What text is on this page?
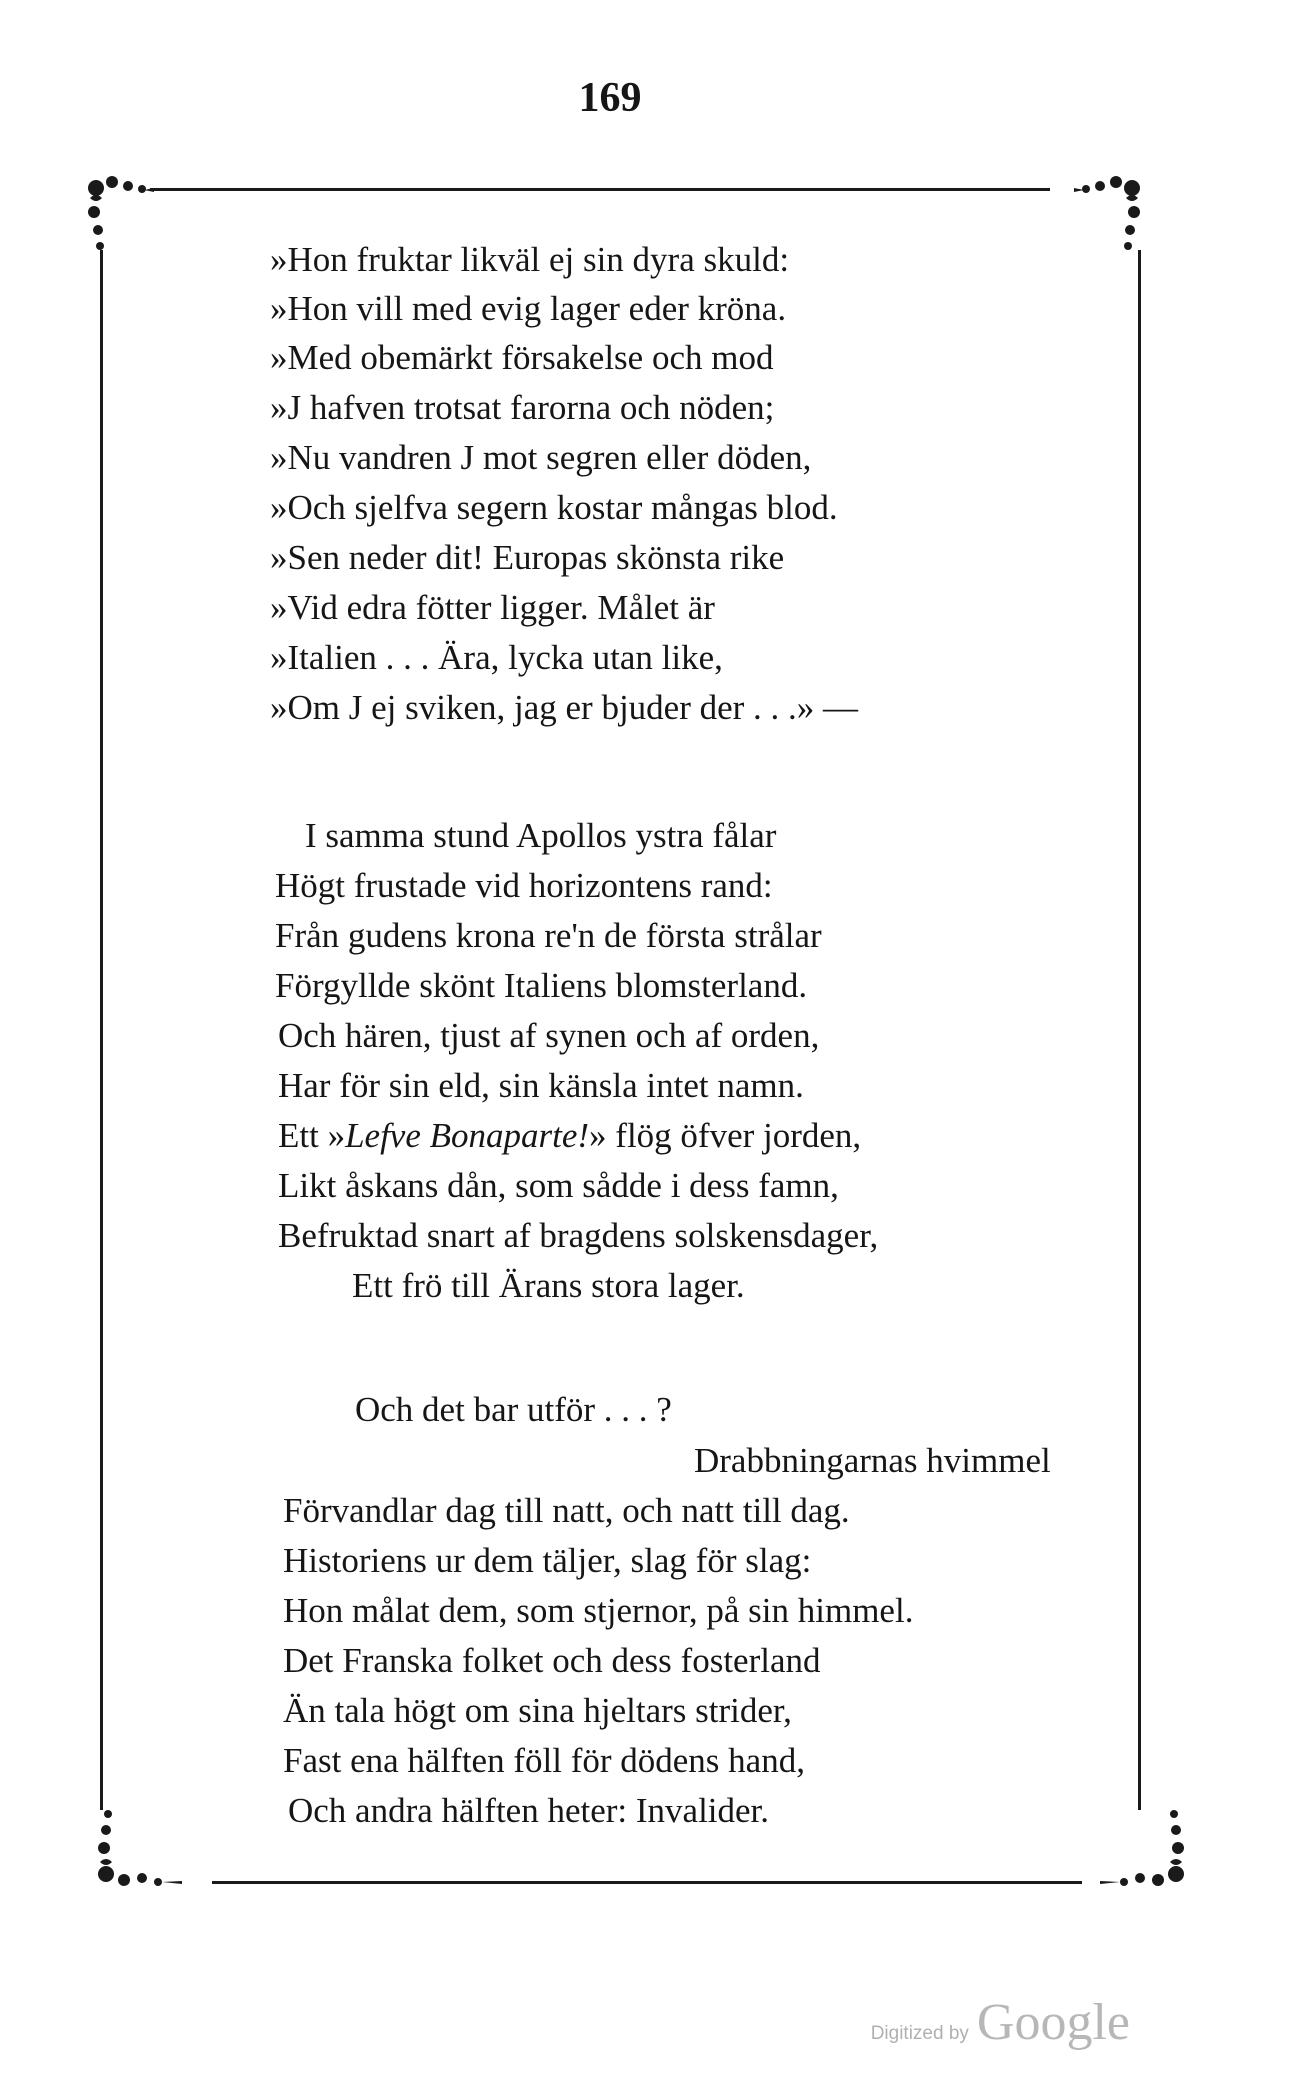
169
»Hon fruktar likväl ej sin dyra skuld:
»Hon vill med evig lager eder kröna.
»Med obemärkt försakelse och mod
»J hafven trotsat farorna och nöden;
»Nu vandren J mot segren eller döden,
»Och sjelfva segern kostar mångas blod.
»Sen neder dit! Europas skönsta rike
»Vid edra fötter ligger. Målet är
»Italien . . . Ära, lycka utan like,
»Om J ej sviken, jag er bjuder der . . .» —
I samma stund Apollos ystra fålar
Högt frustade vid horizontens rand:
Från gudens krona re'n de första strålar
Förgyllde skönt Italiens blomsterland.
Och hären, tjust af synen och af orden,
Har för sin eld, sin känsla intet namn.
Ett »Lefve Bonaparte!» flög öfver jorden,
Likt åskans dån, som sådde i dess famn,
Befruktad snart af bragdens solskensdager,
Ett frö till Ärans stora lager.
Och det bar utför . . . ?
Drabbningarnas hvimmel
Förvandlar dag till natt, och natt till dag.
Historiens ur dem täljer, slag för slag:
Hon målat dem, som stjernor, på sin himmel.
Det Franska folket och dess fosterland
Än tala högt om sina hjeltars strider,
Fast ena hälften föll för dödens hand,
Och andra hälften heter: Invalider.
Digitized by Google
